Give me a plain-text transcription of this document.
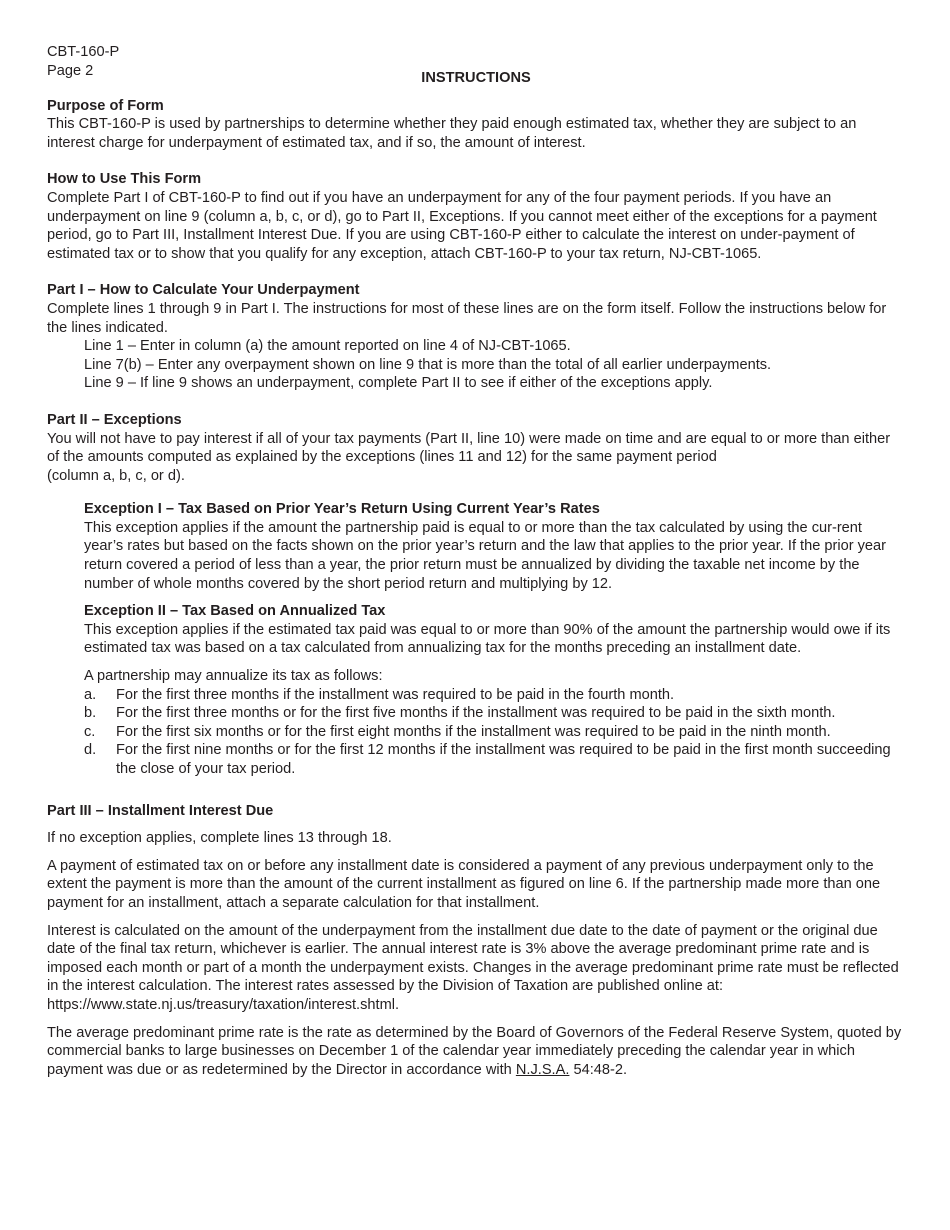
CBT-160-P
Page 2	INSTRUCTIONS
Purpose of Form

This CBT-160-P is used by partnerships to determine whether they paid enough estimated tax, whether they are subject to an interest charge for underpayment of estimated tax, and if so, the amount of interest.

How to Use This Form

Complete Part I of CBT-160-P to find out if you have an underpayment for any of the four payment periods. If you have an underpayment on line 9 (column a, b, c, or d), go to Part II, Exceptions. If you cannot meet either of the exceptions for a payment period, go to Part III, Installment Interest Due. If you are using CBT-160-P either to calculate the interest on under-payment of estimated tax or to show that you qualify for any exception, attach CBT-160-P to your tax return, NJ-CBT-1065.

Part I – How to Calculate Your Underpayment

Complete lines 1 through 9 in Part I. The instructions for most of these lines are on the form itself. Follow the instructions below for the lines indicated.

Line 1 – Enter in column (a) the amount reported on line 4 of NJ-CBT-1065.
Line 7(b) – Enter any overpayment shown on line 9 that is more than the total of all earlier underpayments.
Line 9 – If line 9 shows an underpayment, complete Part II to see if either of the exceptions apply.
Part II – Exceptions

You will not have to pay interest if all of your tax payments (Part II, line 10) were made on time and are equal to or more than either of the amounts computed as explained by the exceptions (lines 11 and 12) for the same payment period
(column a, b, c, or d).

Exception I – Tax Based on Prior Year’s Return Using Current Year’s Rates

This exception applies if the amount the partnership paid is equal to or more than the tax calculated by using the cur-rent year’s rates but based on the facts shown on the prior year’s return and the law that applies to the prior year. If the prior year return covered a period of less than a year, the prior return must be annualized by dividing the taxable net income by the number of whole months covered by the short period return and multiplying by 12.

Exception II – Tax Based on Annualized Tax

This exception applies if the estimated tax paid was equal to or more than 90% of the amount the partnership would owe if its estimated tax was based on a tax calculated from annualizing tax for the months preceding an installment date.

A partnership may annualize its tax as follows:

a.	For the first three months if the installment was required to be paid in the fourth month.
b.	For the first three months or for the first five months if the installment was required to be paid in the sixth month.
c.	For the first six months or for the first eight months if the installment was required to be paid in the ninth month.
d.	For the first nine months or for the first 12 months if the installment was required to be paid in the first month succeeding the close of your tax period.
Part III – Installment Interest Due

If no exception applies, complete lines 13 through 18.

A payment of estimated tax on or before any installment date is considered a payment of any previous underpayment only to the extent the payment is more than the amount of the current installment as figured on line 6. If the partnership made more than one payment for an installment, attach a separate calculation for that installment.

Interest is calculated on the amount of the underpayment from the installment due date to the date of payment or the original due date of the final tax return, whichever is earlier. The annual interest rate is 3% above the average predominant prime rate and is imposed each month or part of a month the underpayment exists. Changes in the average predominant prime rate must be reflected in the interest calculation. The interest rates assessed by the Division of Taxation are published online at: https://www.state.nj.us/treasury/taxation/interest.shtml.

The average predominant prime rate is the rate as determined by the Board of Governors of the Federal Reserve System, quoted by commercial banks to large businesses on December 1 of the calendar year immediately preceding the calendar year in which payment was due or as redetermined by the Director in accordance with N.J.S.A. 54:48-2.
